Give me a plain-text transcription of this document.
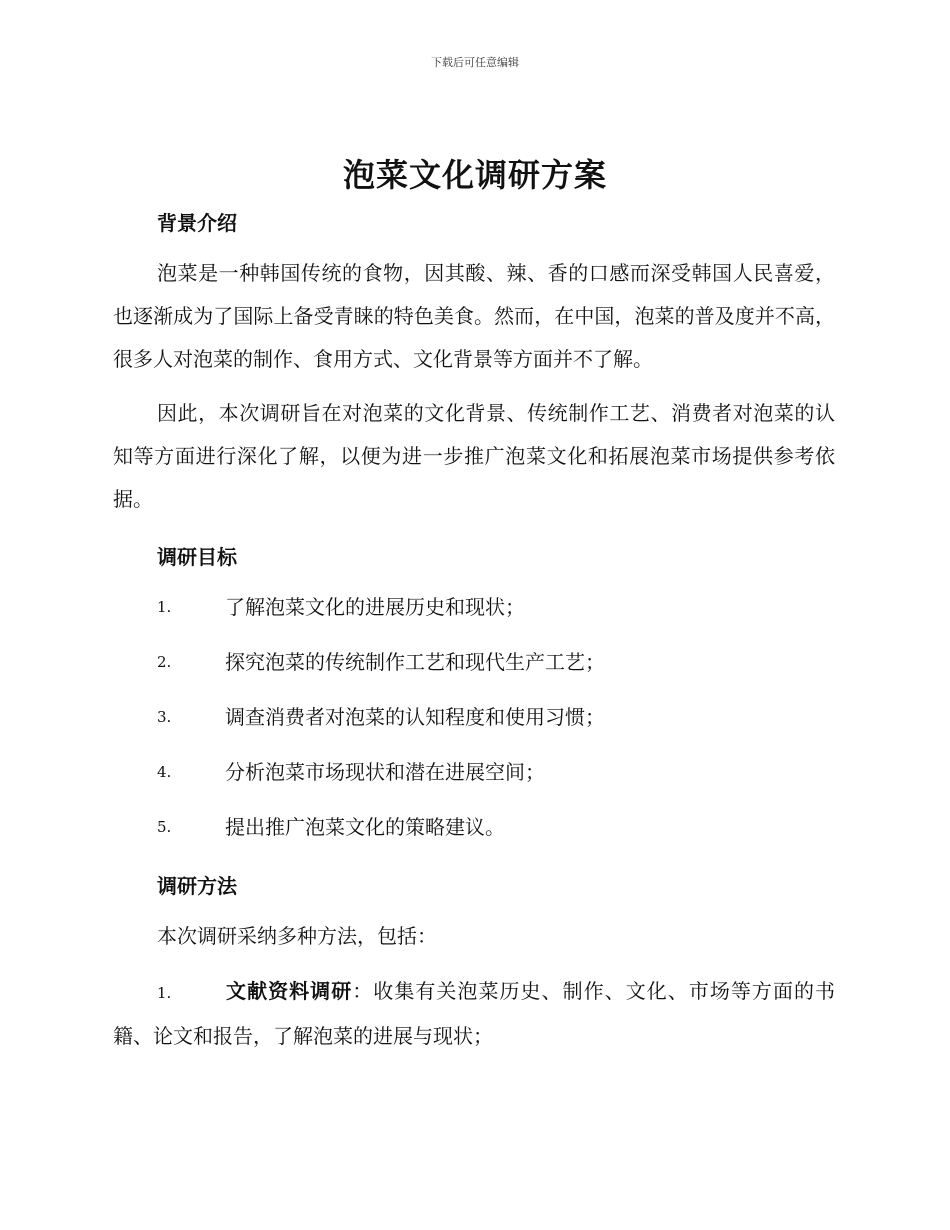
下载后可任意编辑
泡菜文化调研方案
背景介绍

泡菜是一种韩国传统的食物，因其酸、辣、香的口感而深受韩国人民喜爱，也逐渐成为了国际上备受青睐的特色美食。然而，在中国，泡菜的普及度并不高，很多人对泡菜的制作、食用方式、文化背景等方面并不了解。

因此，本次调研旨在对泡菜的文化背景、传统制作工艺、消费者对泡菜的认知等方面进行深化了解，以便为进一步推广泡菜文化和拓展泡菜市场提供参考依据。

调研目标
1.	了解泡菜文化的进展历史和现状；
2.	探究泡菜的传统制作工艺和现代生产工艺；
3.	调查消费者对泡菜的认知程度和使用习惯；
4.	分析泡菜市场现状和潜在进展空间；
5.	提出推广泡菜文化的策略建议。
调研方法

本次调研采纳多种方法，包括：

1.	文献资料调研：收集有关泡菜历史、制作、文化、市场等方面的书籍、论文和报告，了解泡菜的进展与现状；
